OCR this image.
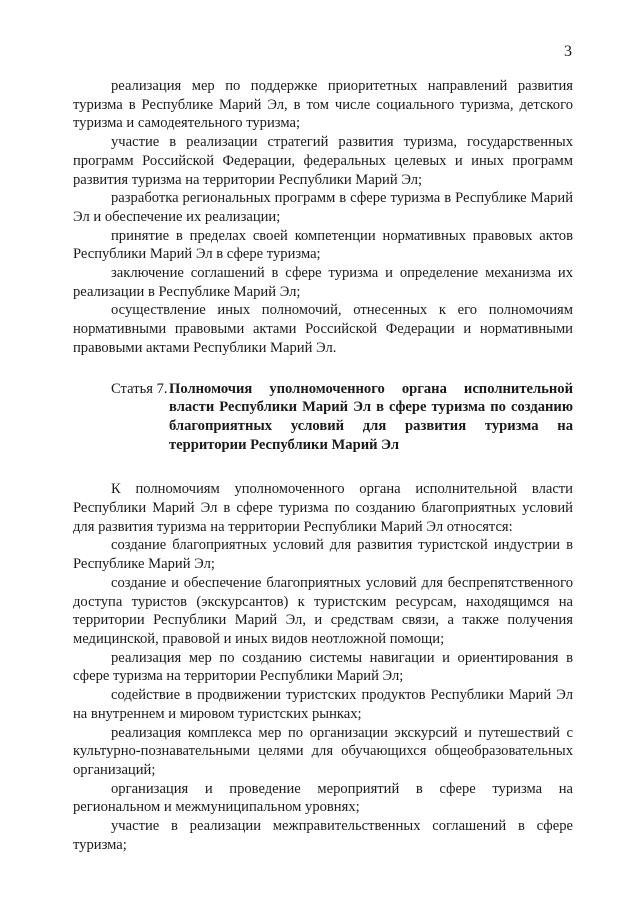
3

реализация мер по поддержке приоритетных направлений развития туризма в Республике Марий Эл, в том числе социального туризма, детского туризма и самодеятельного туризма;

участие в реализации стратегий развития туризма, государственных программ Российской Федерации, федеральных целевых и иных программ развития туризма на территории Республики Марий Эл;

разработка региональных программ в сфере туризма в Республике Марий Эл и обеспечение их реализации;

принятие в пределах своей компетенции нормативных правовых актов Республики Марий Эл в сфере туризма;

заключение соглашений в сфере туризма и определение механизма их реализации в Республике Марий Эл;

осуществление иных полномочий, отнесенных к его полномочиям нормативными правовыми актами Российской Федерации и нормативными правовыми актами Республики Марий Эл.

Статья 7. Полномочия уполномоченного органа исполнительной власти Республики Марий Эл в сфере туризма по созданию благоприятных условий для развития туризма на территории Республики Марий Эл

К полномочиям уполномоченного органа исполнительной власти Республики Марий Эл в сфере туризма по созданию благоприятных условий для развития туризма на территории Республики Марий Эл относятся:

создание благоприятных условий для развития туристской индустрии в Республике Марий Эл;

создание и обеспечение благоприятных условий для беспрепятственного доступа туристов (экскурсантов) к туристским ресурсам, находящимся на территории Республики Марий Эл, и средствам связи, а также получения медицинской, правовой и иных видов неотложной помощи;

реализация мер по созданию системы навигации и ориентирования в сфере туризма на территории Республики Марий Эл;

содействие в продвижении туристских продуктов Республики Марий Эл на внутреннем и мировом туристских рынках;

реализация комплекса мер по организации экскурсий и путешествий с культурно-познавательными целями для обучающихся общеобразовательных организаций;

организация и проведение мероприятий в сфере туризма на региональном и межмуниципальном уровнях;

участие в реализации межправительственных соглашений в сфере туризма;
